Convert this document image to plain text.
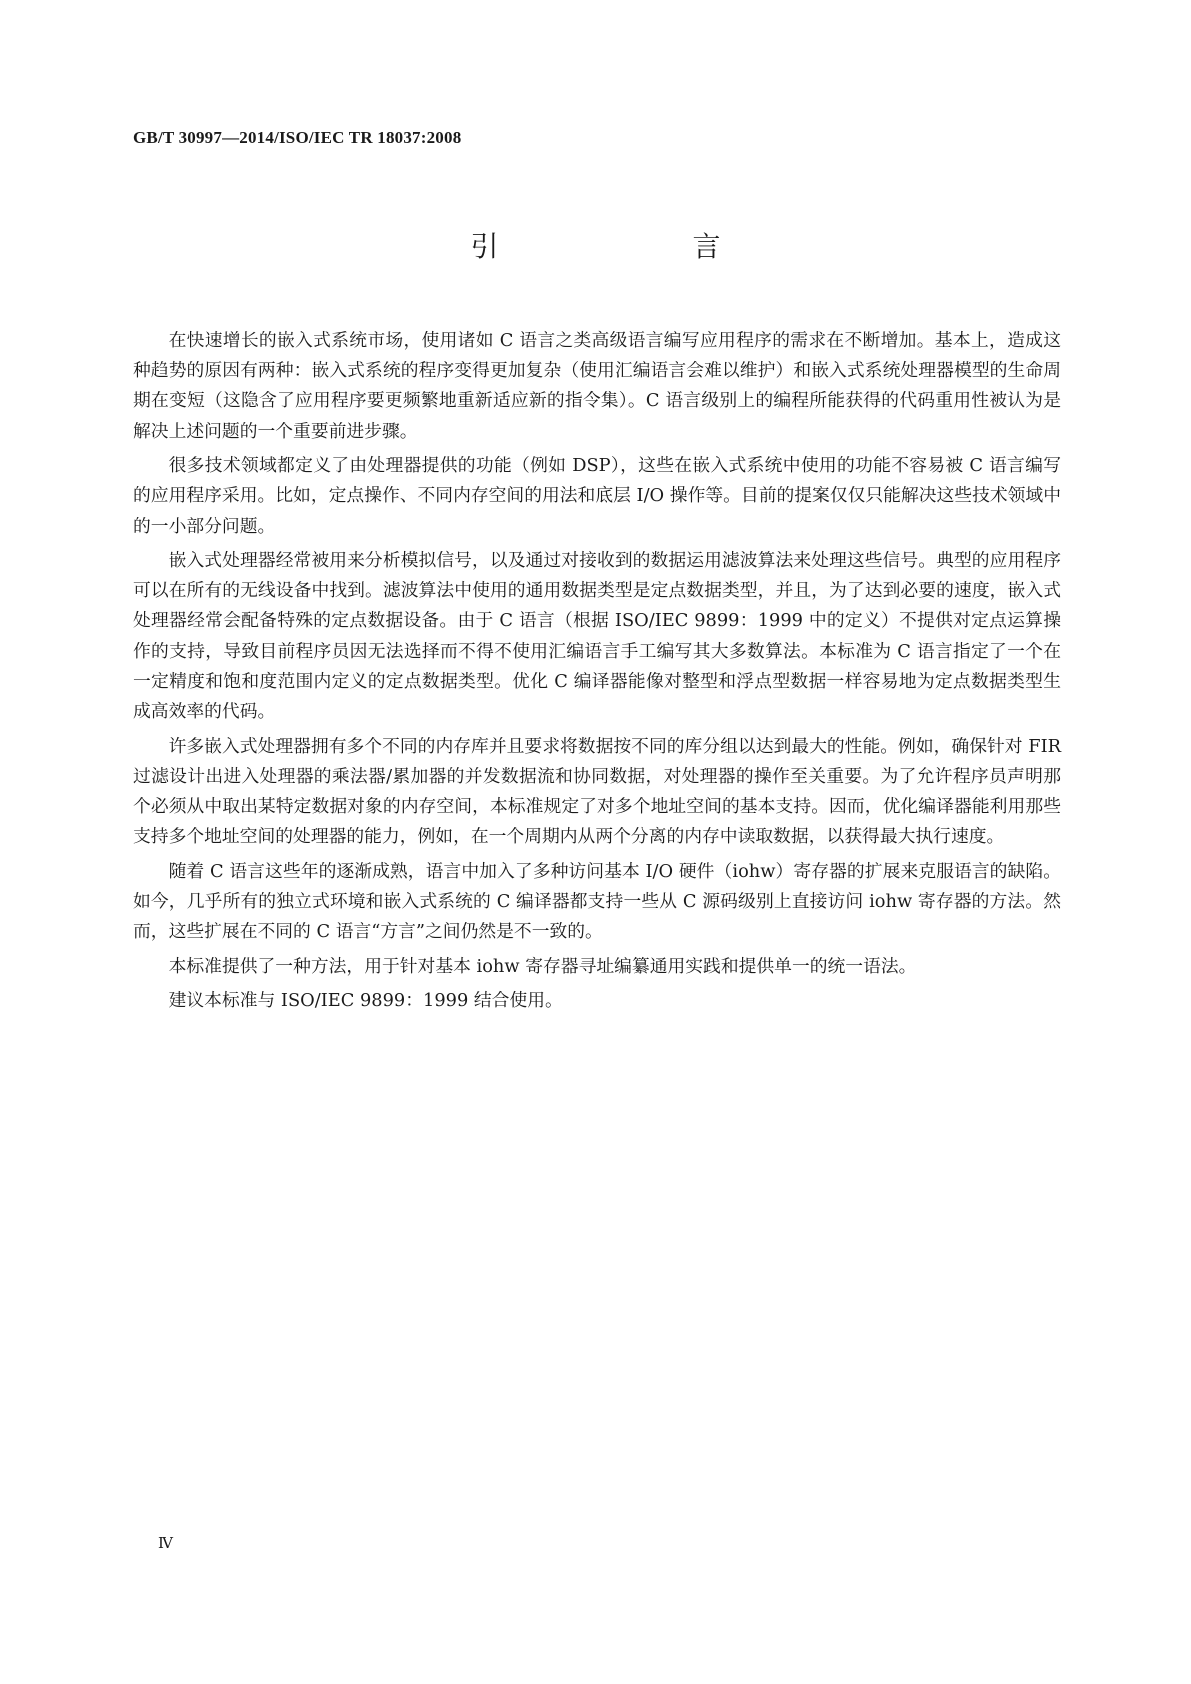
GB/T 30997—2014/ISO/IEC TR 18037:2008
引　　言

在快速增长的嵌入式系统市场，使用诸如 C 语言之类高级语言编写应用程序的需求在不断增加。基本上，造成这种趋势的原因有两种：嵌入式系统的程序变得更加复杂（使用汇编语言会难以维护）和嵌入式系统处理器模型的生命周期在变短（这隐含了应用程序要更频繁地重新适应新的指令集）。C 语言级别上的编程所能获得的代码重用性被认为是解决上述问题的一个重要前进步骤。

很多技术领域都定义了由处理器提供的功能（例如 DSP），这些在嵌入式系统中使用的功能不容易被 C 语言编写的应用程序采用。比如，定点操作、不同内存空间的用法和底层 I/O 操作等。目前的提案仅仅只能解决这些技术领域中的一小部分问题。

嵌入式处理器经常被用来分析模拟信号，以及通过对接收到的数据运用滤波算法来处理这些信号。典型的应用程序可以在所有的无线设备中找到。滤波算法中使用的通用数据类型是定点数据类型，并且，为了达到必要的速度，嵌入式处理器经常会配备特殊的定点数据设备。由于 C 语言（根据 ISO/IEC 9899：1999 中的定义）不提供对定点运算操作的支持，导致目前程序员因无法选择而不得不使用汇编语言手工编写其大多数算法。本标准为 C 语言指定了一个在一定精度和饱和度范围内定义的定点数据类型。优化 C 编译器能像对整型和浮点型数据一样容易地为定点数据类型生成高效率的代码。

许多嵌入式处理器拥有多个不同的内存库并且要求将数据按不同的库分组以达到最大的性能。例如，确保针对 FIR 过滤设计出进入处理器的乘法器/累加器的并发数据流和协同数据，对处理器的操作至关重要。为了允许程序员声明那个必须从中取出某特定数据对象的内存空间，本标准规定了对多个地址空间的基本支持。因而，优化编译器能利用那些支持多个地址空间的处理器的能力，例如，在一个周期内从两个分离的内存中读取数据，以获得最大执行速度。

随着 C 语言这些年的逐渐成熟，语言中加入了多种访问基本 I/O 硬件（iohw）寄存器的扩展来克服语言的缺陷。如今，几乎所有的独立式环境和嵌入式系统的 C 编译器都支持一些从 C 源码级别上直接访问 iohw 寄存器的方法。然而，这些扩展在不同的 C 语言“方言”之间仍然是不一致的。

本标准提供了一种方法，用于针对基本 iohw 寄存器寻址编纂通用实践和提供单一的统一语法。

建议本标准与 ISO/IEC 9899：1999 结合使用。

Ⅳ
